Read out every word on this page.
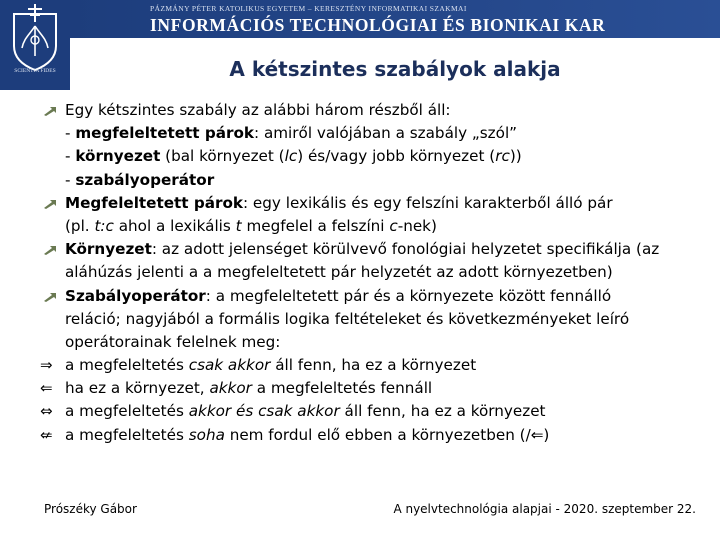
PÁZMÁNY PÉTER KATOLIKUS EGYETEM – KERESZTÉNY INFORMATIKAI SZAKMAI
INFORMÁCIÓS TECHNOLÓGIAI ÉS BIONIKAI KAR
SCIENTIA FIDES	A kétszintes szabályok alakja
Egy kétszintes szabály az alábbi három részből áll:
- megfeleltetett párok: amiről valójában a szabály „szól”
- környezet (bal környezet (lc) és/vagy jobb környezet (rc))
- szabályoperátor
Megfeleltetett párok: egy lexikális és egy felszíni karakterből álló pár
(pl. t:c ahol a lexikális t megfelel a felszíni c-nek)
Környezet: az adott jelenséget körülvevő fonológiai helyzetet specifikálja (az
aláhúzás jelenti a a megfeleltetett pár helyzetét az adott környezetben)
Szabályoperátor: a megfeleltetett pár és a környezete között fennálló
reláció; nagyjából a formális logika feltételeket és következményeket leíró
operátorainak felelnek meg:
⇒ a megfeleltetés csak akkor áll fenn, ha ez a környezet
⇐ ha ez a környezet, akkor a megfeleltetés fennáll
⇔ a megfeleltetés akkor és csak akkor áll fenn, ha ez a környezet
⇍ a megfeleltetés soha nem fordul elő ebben a környezetben (/⇐)
Prószéky Gábor	A nyelvtechnológia alapjai - 2020. szeptember 22.
